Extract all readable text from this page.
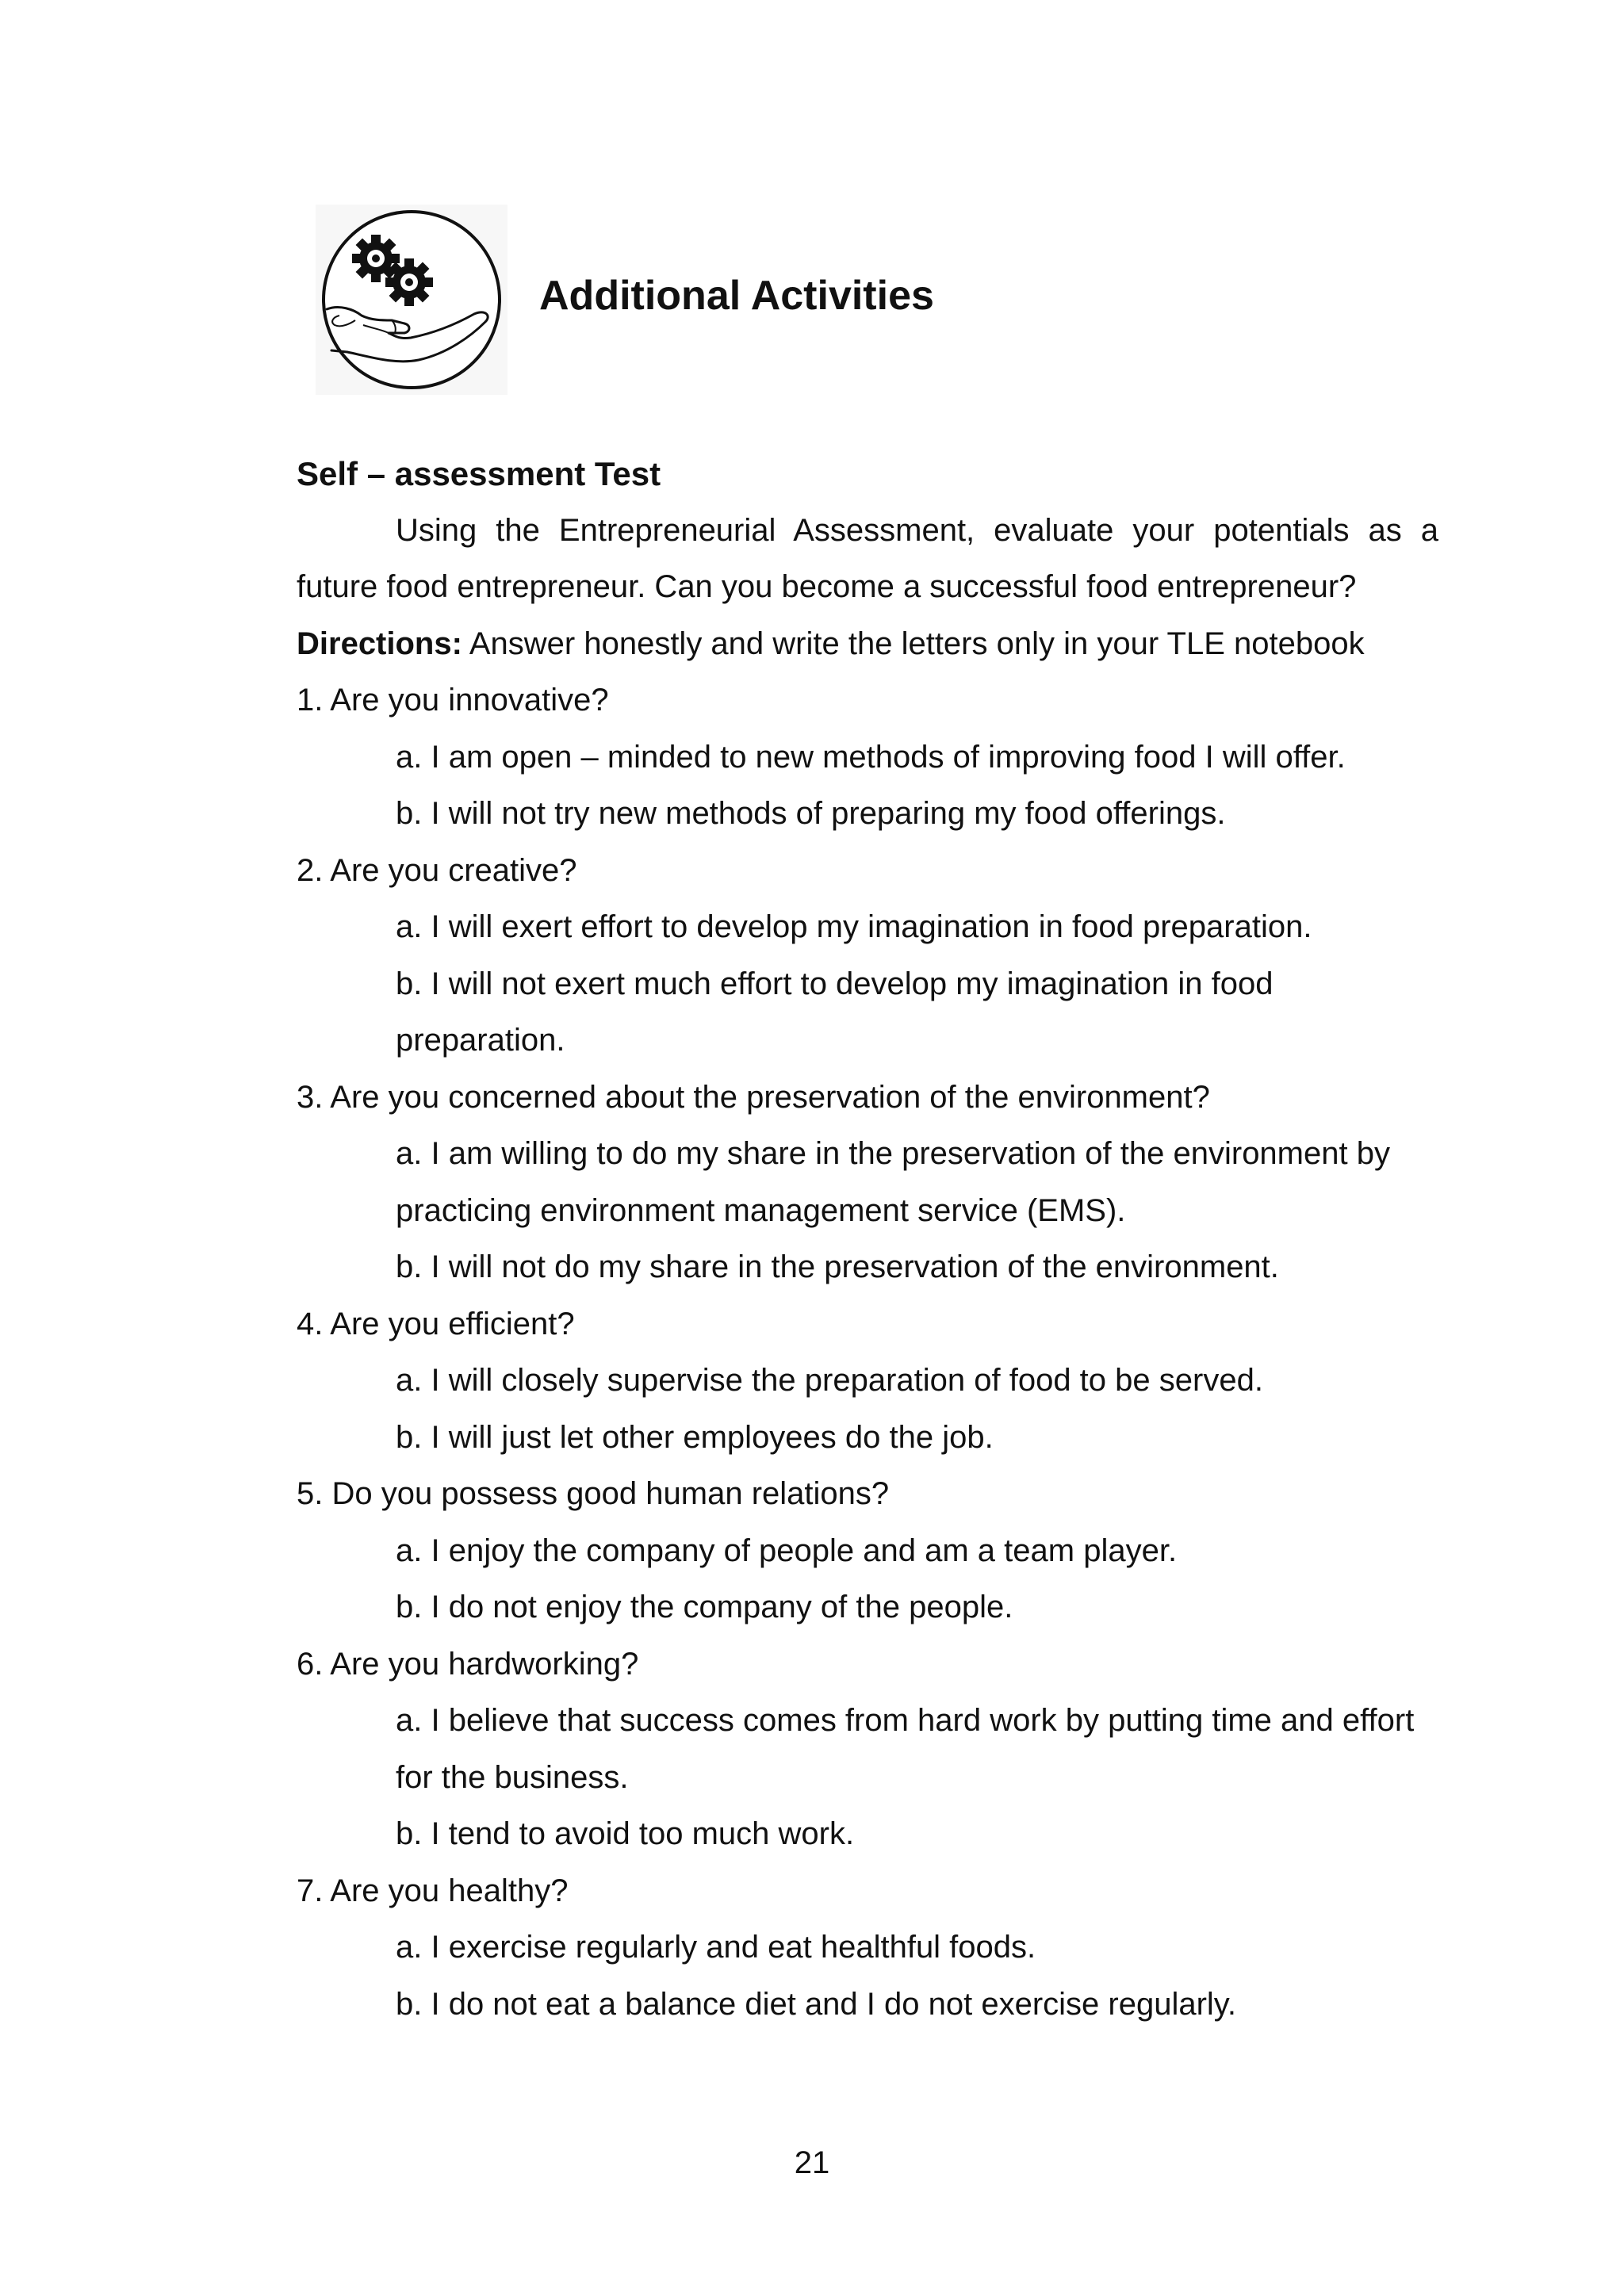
Additional Activities
Self – assessment Test
Using the Entrepreneurial Assessment, evaluate your potentials as a future food entrepreneur. Can you become a successful food entrepreneur?
Directions: Answer honestly and write the letters only in your TLE notebook
1. Are you innovative?
a. I am open – minded to new methods of improving food I will offer.
b. I will not try new methods of preparing my food offerings.
2. Are you creative?
a. I will exert effort to develop my imagination in food preparation.
b. I will not exert much effort to develop my imagination in food preparation.
3. Are you concerned about the preservation of the environment?
a. I am willing to do my share in the preservation of the environment by practicing environment management service (EMS).
b. I will not do my share in the preservation of the environment.
4. Are you efficient?
a. I will closely supervise the preparation of food to be served.
b. I will just let other employees do the job.
5. Do you possess good human relations?
a. I enjoy the company of people and am a team player.
b. I do not enjoy the company of the people.
6. Are you hardworking?
a. I believe that success comes from hard work by putting time and effort for the business.
b. I tend to avoid too much work.
7. Are you healthy?
a. I exercise regularly and eat healthful foods.
b. I do not eat a balance diet and I do not exercise regularly.
21
